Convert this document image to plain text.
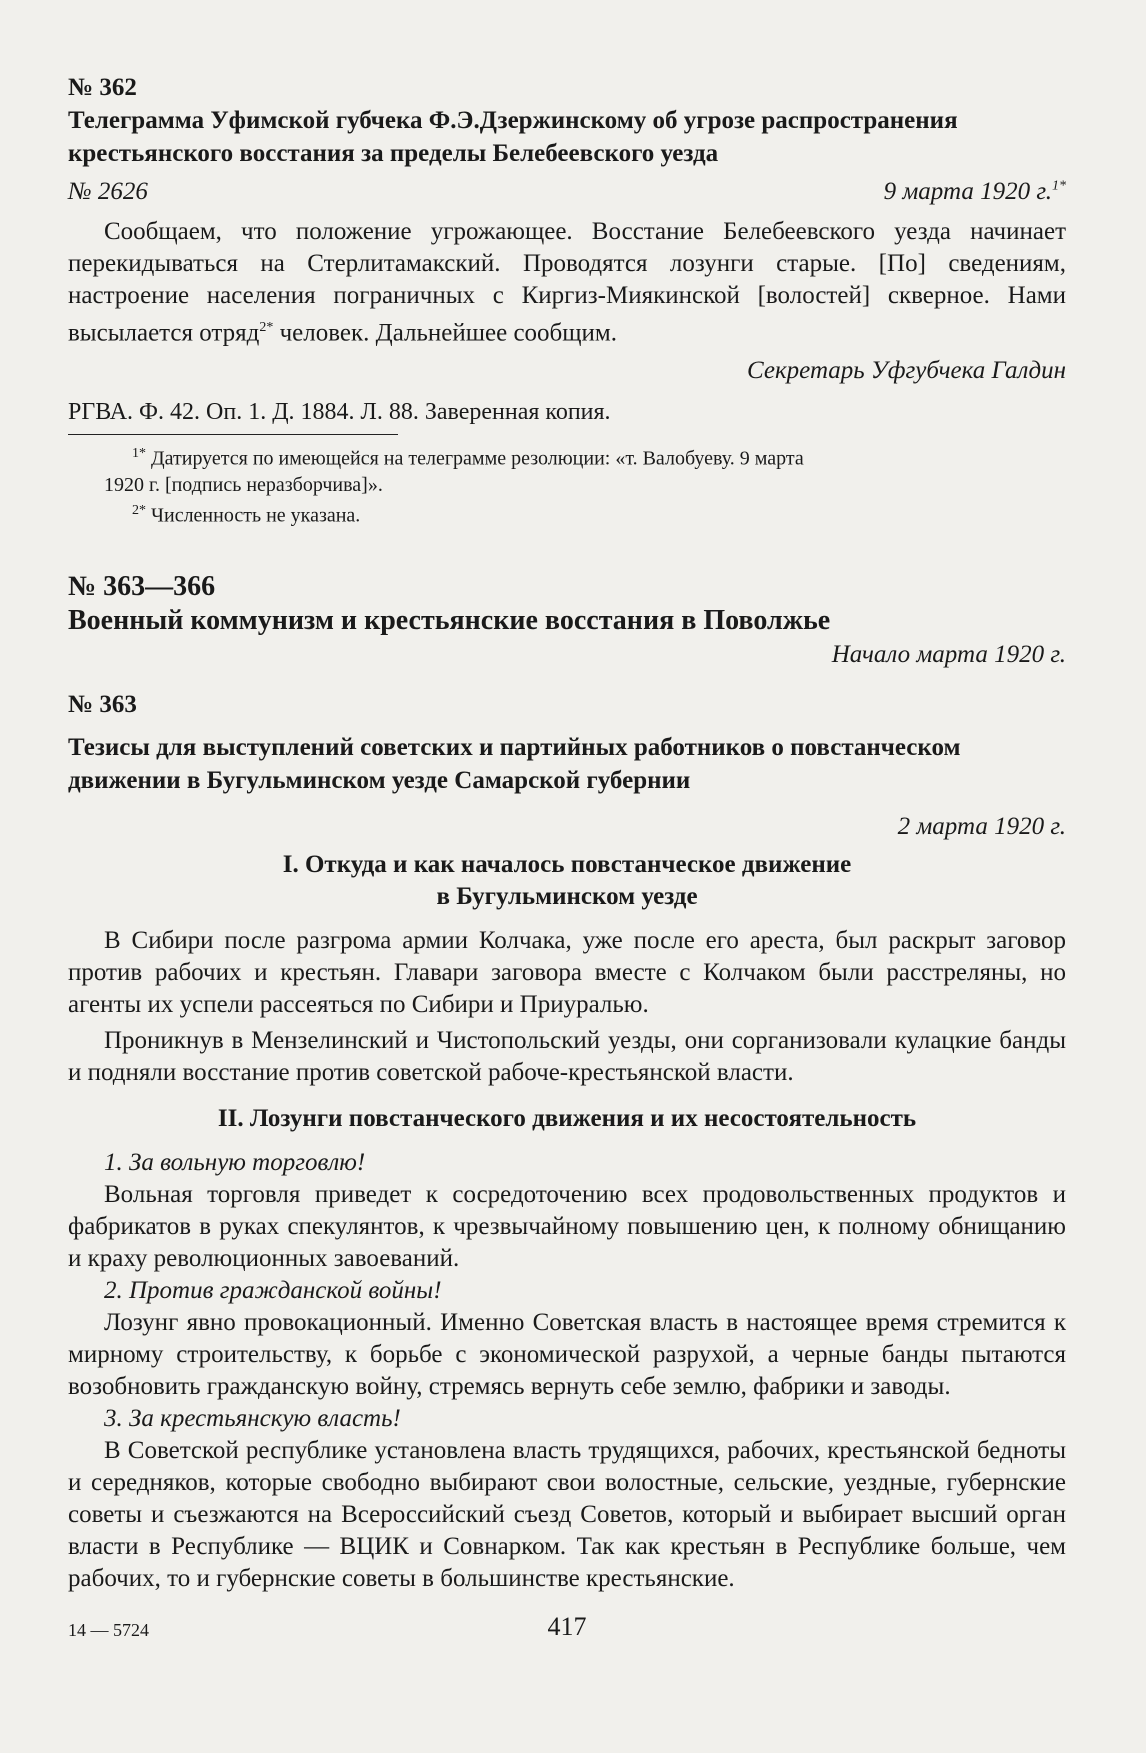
№ 362
Телеграмма Уфимской губчека Ф.Э.Дзержинскому об угрозе распространения крестьянского восстания за пределы Белебеевского уезда
№ 2626	9 марта 1920 г.$^{1*}$

Сообщаем, что положение угрожающее. Восстание Белебеевского уезда начинает перекидываться на Стерлитамакский. Проводятся лозунги старые. [По] сведениям, настроение населения пограничных с Киргиз-Миякинской [волостей] скверное. Нами высылается отряд$^{2*}$ человек. Дальнейшее сообщим.

Секретарь Уфгубчека Галдин
РГВА. Ф. 42. Оп. 1. Д. 1884. Л. 88. Заверенная копия.
$^{1*}$ Датируется по имеющейся на телеграмме резолюции: «т. Валобуеву. 9 марта
1920 г. [подпись неразборчива]».
$^{2*}$ Численность не указана.
№ 363—366
Военный коммунизм и крестьянские восстания в Поволжье
Начало марта 1920 г.
№ 363
Тезисы для выступлений советских и партийных работников о повстанческом движении в Бугульминском уезде Самарской губернии
2 марта 1920 г.
I. Откуда и как началось повстанческое движение
в Бугульминском уезде

В Сибири после разгрома армии Колчака, уже после его ареста, был раскрыт заговор против рабочих и крестьян. Главари заговора вместе с Колчаком были расстреляны, но агенты их успели рассеяться по Сибири и Приуралью.

Проникнув в Мензелинский и Чистопольский уезды, они сорганизовали кулацкие банды и подняли восстание против советской рабоче-крестьянской власти.

II. Лозунги повстанческого движения и их несостоятельность
1. За вольную торговлю!

Вольная торговля приведет к сосредоточению всех продовольственных продуктов и фабрикатов в руках спекулянтов, к чрезвычайному повышению цен, к полному обнищанию и краху революционных завоеваний.

2. Против гражданской войны!

Лозунг явно провокационный. Именно Советская власть в настоящее время стремится к мирному строительству, к борьбе с экономической разрухой, а черные банды пытаются возобновить гражданскую войну, стремясь вернуть себе землю, фабрики и заводы.

3. За крестьянскую власть!

В Советской республике установлена власть трудящихся, рабочих, крестьянской бедноты и середняков, которые свободно выбирают свои волостные, сельские, уездные, губернские советы и съезжаются на Всероссийский съезд Советов, который и выбирает высший орган власти в Республике — ВЦИК и Совнарком. Так как крестьян в Республике больше, чем рабочих, то и губернские советы в большинстве крестьянские.

14 — 5724	417
